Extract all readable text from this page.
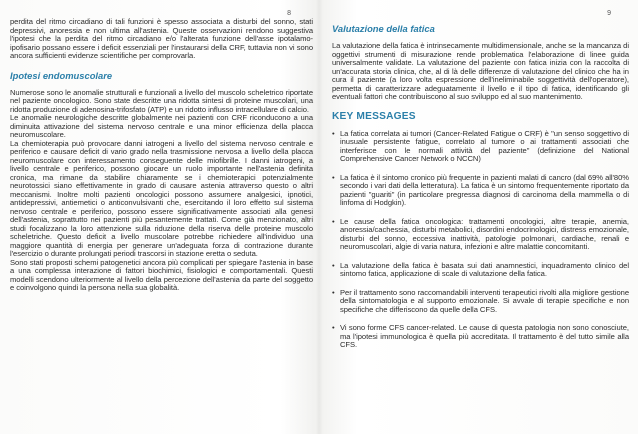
8

perdita del ritmo circadiano di tali funzioni è spesso associata a disturbi del sonno, stati depressivi, anoressia e non ultima all'astenia. Queste osservazioni rendono suggestiva l'ipotesi che la perdita del ritmo circadiano e/o l'alterata funzione dell'asse ipotalamo-ipofisario possano essere i deficit essenziali per l'instaurarsi della CRF, tuttavia non vi sono ancora sufficienti evidenze scientifiche per comprovarla.

Ipotesi endomuscolare

Numerose sono le anomalie strutturali e funzionali a livello del muscolo scheletrico riportate nel paziente oncologico. Sono state descritte una ridotta sintesi di proteine muscolari, una ridotta produzione di adenosina-trifosfato (ATP) e un ridotto influsso intracellulare di calcio.

Le anomalie neurologiche descritte globalmente nei pazienti con CRF riconducono a una diminuita attivazione del sistema nervoso centrale e una minor efficienza della placca neuromuscolare.

La chemioterapia può provocare danni iatrogeni a livello del sistema nervoso centrale e periferico e causare deficit di vario grado nella trasmissione nervosa a livello della placca neuromuscolare con interessamento conseguente delle miofibrille. I danni iatrogeni, a livello centrale e periferico, possono giocare un ruolo importante nell'astenia definita cronica, ma rimane da stabilire chiaramente se i chemioterapici potenzialmente neurotossici siano effettivamente in grado di causare astenia attraverso questo o altri meccanismi. Inoltre molti pazienti oncologici possono assumere analgesici, ipnotici, antidepressivi, antiemetici o anticonvulsivanti che, esercitando il loro effetto sul sistema nervoso centrale e periferico, possono essere significativamente associati alla genesi dell'astenia, soprattutto nei pazienti più pesantemente trattati. Come già menzionato, altri studi focalizzano la loro attenzione sulla riduzione della riserva delle proteine muscolo scheletriche. Questo deficit a livello muscolare potrebbe richiedere all'individuo una maggiore quantità di energia per generare un'adeguata forza di contrazione durante l'esercizio o durante prolungati periodi trascorsi in stazione eretta o seduta.

Sono stati proposti schemi patogenetici ancora più complicati per spiegare l'astenia in base a una complessa interazione di fattori biochimici, fisiologici e comportamentali. Questi modelli scendono ulteriormente al livello della percezione dell'astenia da parte del soggetto e coinvolgono quindi la persona nella sua globalità.

9
Valutazione della fatica

La valutazione della fatica è intrinsecamente multidimensionale, anche se la mancanza di oggettivi strumenti di misurazione rende problematica l'elaborazione di linee guida universalmente validate. La valutazione del paziente con fatica inizia con la raccolta di un'accurata storia clinica, che, al di là delle differenze di valutazione del clinico che ha in cura il paziente (a loro volta espressione dell'ineliminabile soggettività dell'operatore), permetta di caratterizzare adeguatamente il livello e il tipo di fatica, identificando gli eventuali fattori che contribuiscono al suo sviluppo ed al suo mantenimento.

KEY MESSAGES
• La fatica correlata ai tumori (Cancer-Related Fatigue o CRF) è "un senso soggettivo di inusuale persistente fatigue, correlato al tumore o ai trattamenti associati che interferisce con le normali attività del paziente" (definizione del National Comprehensive Cancer Network o NCCN)
• La fatica è il sintomo cronico più frequente in pazienti malati di cancro (dal 69% all'80% secondo i vari dati della letteratura). La fatica è un sintomo frequentemente riportato da pazienti "guariti" (in particolare pregressa diagnosi di carcinoma della mammella o di linfoma di Hodgkin).
• Le cause della fatica oncologica: trattamenti oncologici, altre terapie, anemia, anoressia/cachessia, disturbi metabolici, disordini endocrinologici, distress emozionale, disturbi del sonno, eccessiva inattività, patologie polmonari, cardiache, renali e neuromuscolari, algie di varia natura, infezioni e altre malattie concomitanti.
• La valutazione della fatica è basata sui dati anamnestici, inquadramento clinico del sintomo fatica, applicazione di scale di valutazione della fatica.
• Per il trattamento sono raccomandabili interventi terapeutici rivolti alla migliore gestione della sintomatologia e al supporto emozionale. Si avvale di terapie specifiche e non specifiche che differiscono da quelle della CFS.
• Vi sono forme CFS cancer-related. Le cause di questa patologia non sono conosciute, ma l'ipotesi immunologica è quella più accreditata. Il trattamento è del tutto simile alla CFS.
